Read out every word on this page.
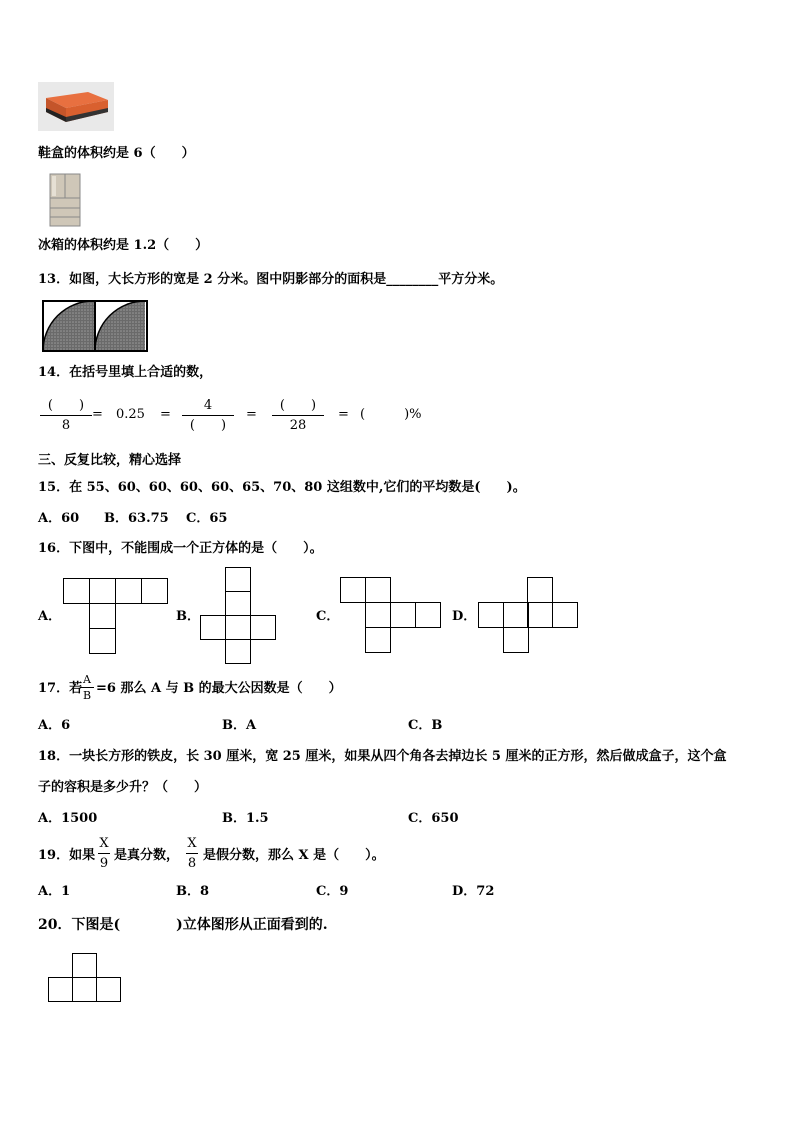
鞋盒的体积约是 6（　　）
冰箱的体积约是 1.2（　　）
13．如图，大长方形的宽是 2 分米。图中阴影部分的面积是________平方分米。
14．在括号里填上合适的数，
(　　)
8
= 0.25 =
4
(　　)
=
(　　)
28
= (　　　)%
三、反复比较，精心选择
15．在 55、60、60、60、60、65、70、80 这组数中,它们的平均数是(　　)。
A．60 B．63.75 C．65
16．下图中，不能围成一个正方体的是（　　）。
A．	B．	C．	D．
17．若
A
B =6 那么 A 与 B 的最大公因数是（　　）
A．6	B．A	C．B
18．一块长方形的铁皮，长 30 厘米，宽 25 厘米，如果从四个角各去掉边长 5 厘米的正方形，然后做成盒子，这个盒
子的容积是多少升？（　　）
A．1500	B．1.5	C．650
19．如果
X
9
是真分数，
X
8
是假分数，那么 X 是（　　）。
A．1	B．8	C．9	D．72
20．下图是(　　　　)立体图形从正面看到的.
